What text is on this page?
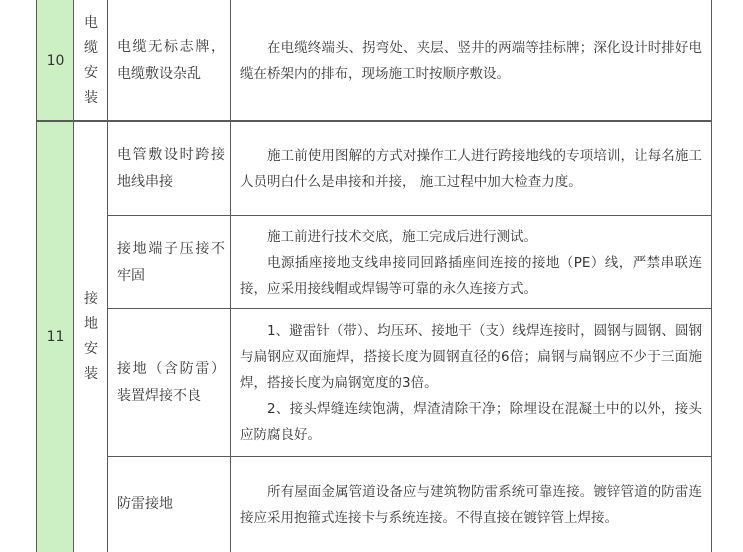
10
11
电
缆
安
装
接
地
安
装
电缆无标志牌，电缆敷设杂乱

在电缆终端头、拐弯处、夹层、竖井的两端等挂标牌；深化设计时排好电缆在桥架内的排布，现场施工时按顺序敷设。

电管敷设时跨接地线串接

施工前使用图解的方式对操作工人进行跨接地线的专项培训，让每名施工人员明白什么是串接和并接， 施工过程中加大检查力度。

接地端子压接不牢固

施工前进行技术交底，施工完成后进行测试。

电源插座接地支线串接同回路插座间连接的接地（PE）线，严禁串联连接，应采用接线帽或焊锡等可靠的永久连接方式。

接地（含防雷）装置焊接不良

1、避雷针（带）、均压环、接地干（支）线焊连接时，圆钢与圆钢、圆钢与扁钢应双面施焊，搭接长度为圆钢直径的6倍；扁钢与扁钢应不少于三面施焊，搭接长度为扁钢宽度的3倍。

2、接头焊缝连续饱满，焊渣清除干净；除埋设在混凝土中的以外，接头应防腐良好。

防雷接地

所有屋面金属管道设备应与建筑物防雷系统可靠连接。镀锌管道的防雷连接应采用抱箍式连接卡与系统连接。不得直接在镀锌管上焊接。
